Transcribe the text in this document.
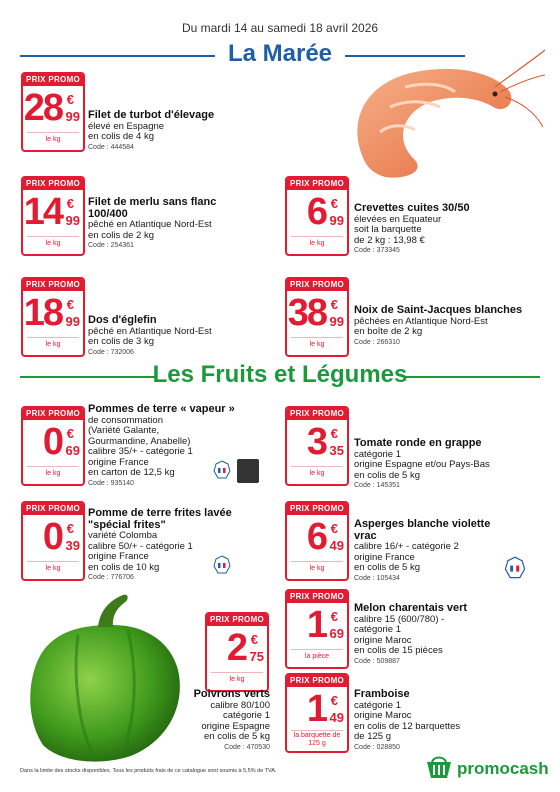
Du mardi 14 au samedi 18 avril 2026
La Marée
PRIX PROMO
28 €
99
le kg
Filet de turbot d'élevage
élevé en Espagne
en colis de 4 kg
Code : 444584
PRIX PROMO
14 €
99
le kg
Filet de merlu sans flanc 100/400
pêché en Atlantique Nord-Est
en colis de 2 kg
Code : 254361
PRIX PROMO
6 €
99
le kg
Crevettes cuites 30/50
élevées en Equateur
soit la barquette
de 2 kg : 13,98 €
Code : 373345
PRIX PROMO
18 €
99
le kg
Dos d'églefin
pêché en Atlantique Nord-Est
en colis de 3 kg
Code : 732006
PRIX PROMO
38 €
99
le kg
Noix de Saint-Jacques blanches
pêchées en Atlantique Nord-Est
en boîte de 2 kg
Code : 266310
Les Fruits et Légumes
PRIX PROMO
0 €
69
le kg
Pommes de terre « vapeur »
de consommation
(Variété Galante,
Gourmandine, Anabelle)
calibre 35/+ - catégorie 1
origine France
en carton de 12,5 kg
Code : 935140
PRIX PROMO
3 €
35
le kg
Tomate ronde en grappe
catégorie 1
origine Espagne et/ou Pays-Bas
en colis de 5 kg
Code : 145351
PRIX PROMO
0 €
39
le kg
Pomme de terre frites lavée "spécial frites"
variété Colomba
calibre 50/+ - catégorie 1
origine France
en colis de 10 kg
Code : 776706
PRIX PROMO
6 €
49
le kg
Asperges blanche violette vrac
calibre 16/+ - catégorie 2
origine France
en colis de 5 kg
Code : 105434
PRIX PROMO
1 €
69
la pièce
Melon charentais vert
calibre 15 (600/780) -
catégorie 1
origine Maroc
en colis de 15 pièces
Code : 509887
PRIX PROMO
2 €
75
le kg
Poivrons verts
calibre 80/100
catégorie 1
origine Espagne
en colis de 5 kg
Code : 470530
PRIX PROMO
1 €
49
la barquette de 125 g
Framboise
catégorie 1
origine Maroc
en colis de 12 barquettes
de 125 g
Code : 028850
Dans la limite des stocks disponibles. Tous les produits frais de ce catalogue sont soumis à 5,5% de TVA.	promocash
